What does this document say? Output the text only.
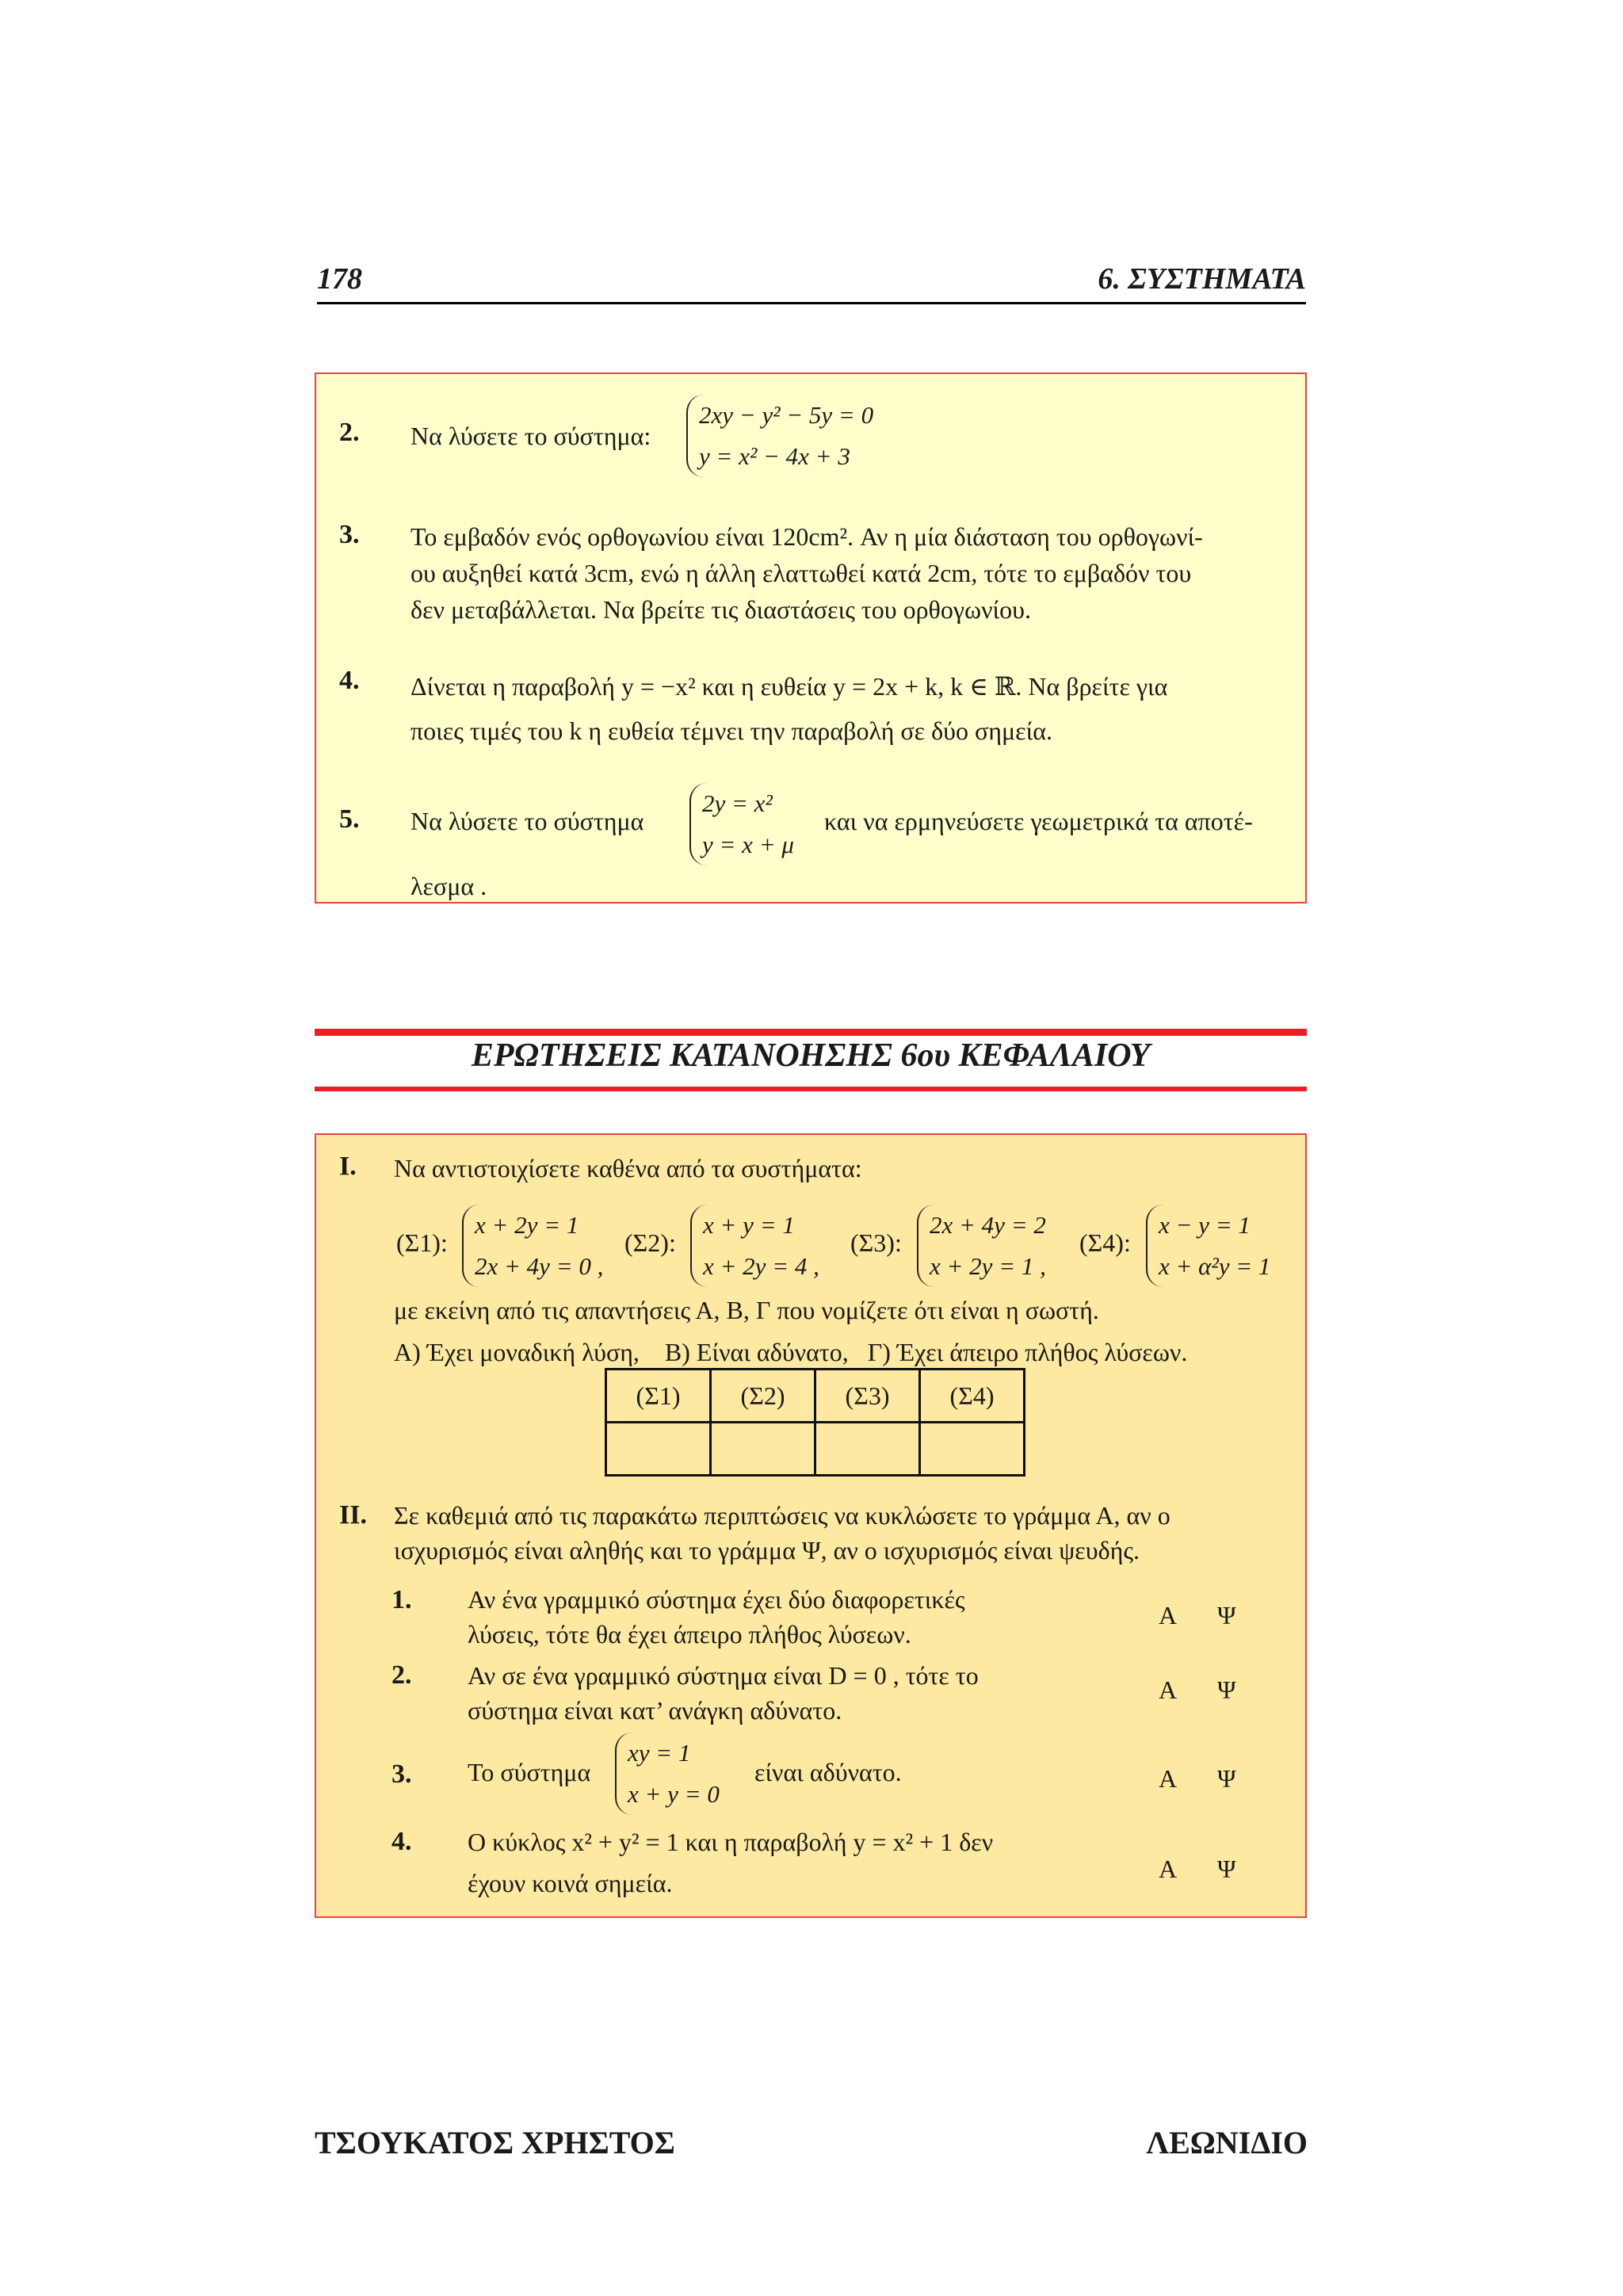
178	6. ΣΥΣΤΗΜΑΤΑ
2. Να λύσετε το σύστημα:
2xy − y² − 5y = 0
y = x² − 4x + 3
3. Το εμβαδόν ενός ορθογωνίου είναι 120cm². Αν η μία διάσταση του ορθογωνί-
ου αυξηθεί κατά 3cm, ενώ η άλλη ελαττωθεί κατά 2cm, τότε το εμβαδόν του
δεν μεταβάλλεται. Να βρείτε τις διαστάσεις του ορθογωνίου.
4. Δίνεται η παραβολή y = −x² και η ευθεία y = 2x + k, k ∈ ℝ. Να βρείτε για
ποιες τιμές του k η ευθεία τέμνει την παραβολή σε δύο σημεία.
5. Να λύσετε το σύστημα
2y = x²
y = x + μ
και να ερμηνεύσετε γεωμετρικά τα αποτέ-
λεσμα .
ΕΡΩΤΗΣΕΙΣ ΚΑΤΑΝΟΗΣΗΣ 6ου ΚΕΦΑΛΑΙΟΥ
Ι. Να αντιστοιχίσετε καθένα από τα συστήματα:
(Σ1):
x + 2y = 1
2x + 4y = 0 ,
(Σ2):
x + y = 1
x + 2y = 4 ,
(Σ3):
2x + 4y = 2
x + 2y = 1 ,
(Σ4):
x − y = 1
x + α²y = 1
με εκείνη από τις απαντήσεις Α, Β, Γ που νομίζετε ότι είναι η σωστή.
Α) Έχει μοναδική λύση,    Β) Είναι αδύνατο,   Γ) Έχει άπειρο πλήθος λύσεων.
(Σ1)	(Σ2)	(Σ3)	(Σ4)

ΙΙ. Σε καθεμιά από τις παρακάτω περιπτώσεις να κυκλώσετε το γράμμα Α, αν ο
ισχυρισμός είναι αληθής και το γράμμα Ψ, αν ο ισχυρισμός είναι ψευδής.
1. Αν ένα γραμμικό σύστημα έχει δύο διαφορετικές
λύσεις, τότε θα έχει άπειρο πλήθος λύσεων.
Α Ψ
2. Αν σε ένα γραμμικό σύστημα είναι D = 0 , τότε το
σύστημα είναι κατ’ ανάγκη αδύνατο.
Α Ψ
3. Το σύστημα
xy = 1
x + y = 0
είναι αδύνατο.	Α Ψ
4. Ο κύκλος x² + y² = 1 και η παραβολή y = x² + 1 δεν
έχουν κοινά σημεία.	Α Ψ
ΤΣΟΥΚΑΤΟΣ ΧΡΗΣΤΟΣ	ΛΕΩΝΙΔΙΟ
